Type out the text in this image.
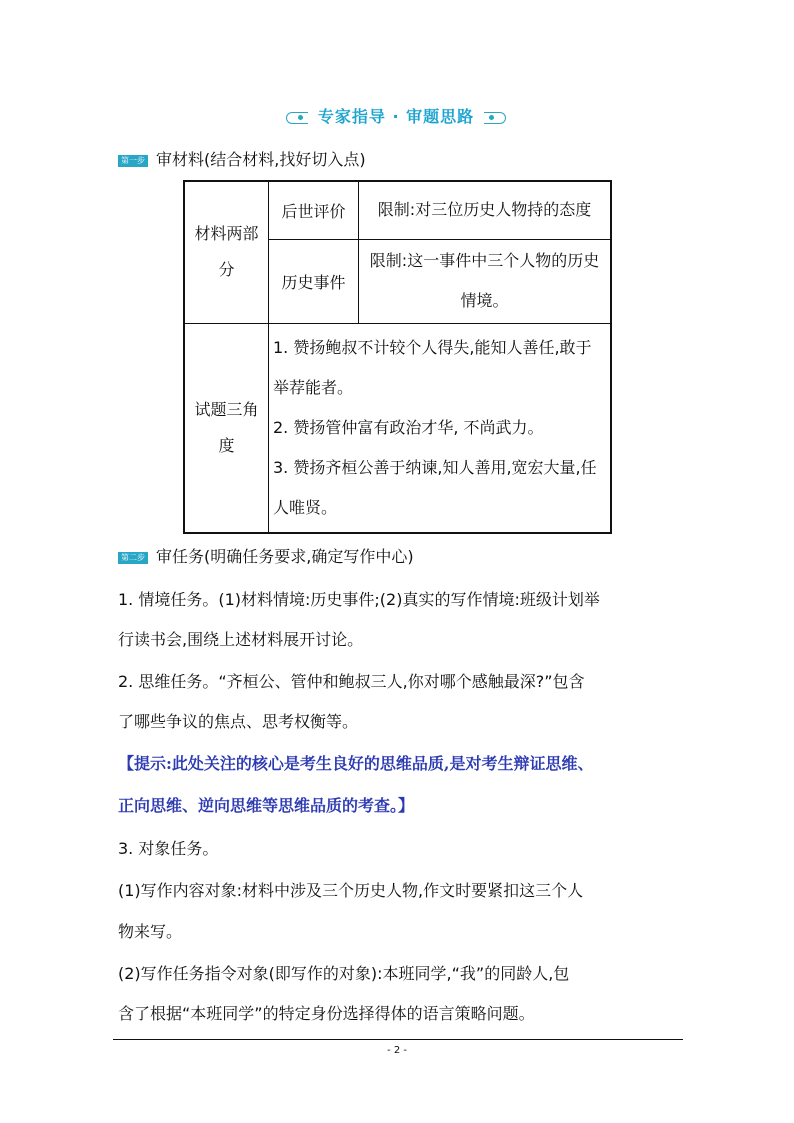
专家指导 · 审题思路
第一步 审材料(结合材料,找好切入点)
材料两部分	后世评价	限制:对三位历史人物持的态度
	历史事件	限制:这一事件中三个人物的历史情境。
试题三角度	1. 赞扬鲍叔不计较个人得失,能知人善任,敢于举荐能者。
2. 赞扬管仲富有政治才华, 不尚武力。
3. 赞扬齐桓公善于纳谏,知人善用,宽宏大量,任人唯贤。	
第二步 审任务(明确任务要求,确定写作中心)
1. 情境任务。(1)材料情境:历史事件;(2)真实的写作情境:班级计划举
行读书会,围绕上述材料展开讨论。
2. 思维任务。“齐桓公、管仲和鲍叔三人,你对哪个感触最深?”包含
了哪些争议的焦点、思考权衡等。
【提示:此处关注的核心是考生良好的思维品质,是对考生辩证思维、
正向思维、逆向思维等思维品质的考查。】
3. 对象任务。
(1)写作内容对象:材料中涉及三个历史人物,作文时要紧扣这三个人
物来写。
(2)写作任务指令对象(即写作的对象):本班同学,“我”的同龄人,包
含了根据“本班同学”的特定身份选择得体的语言策略问题。
- 2 -
